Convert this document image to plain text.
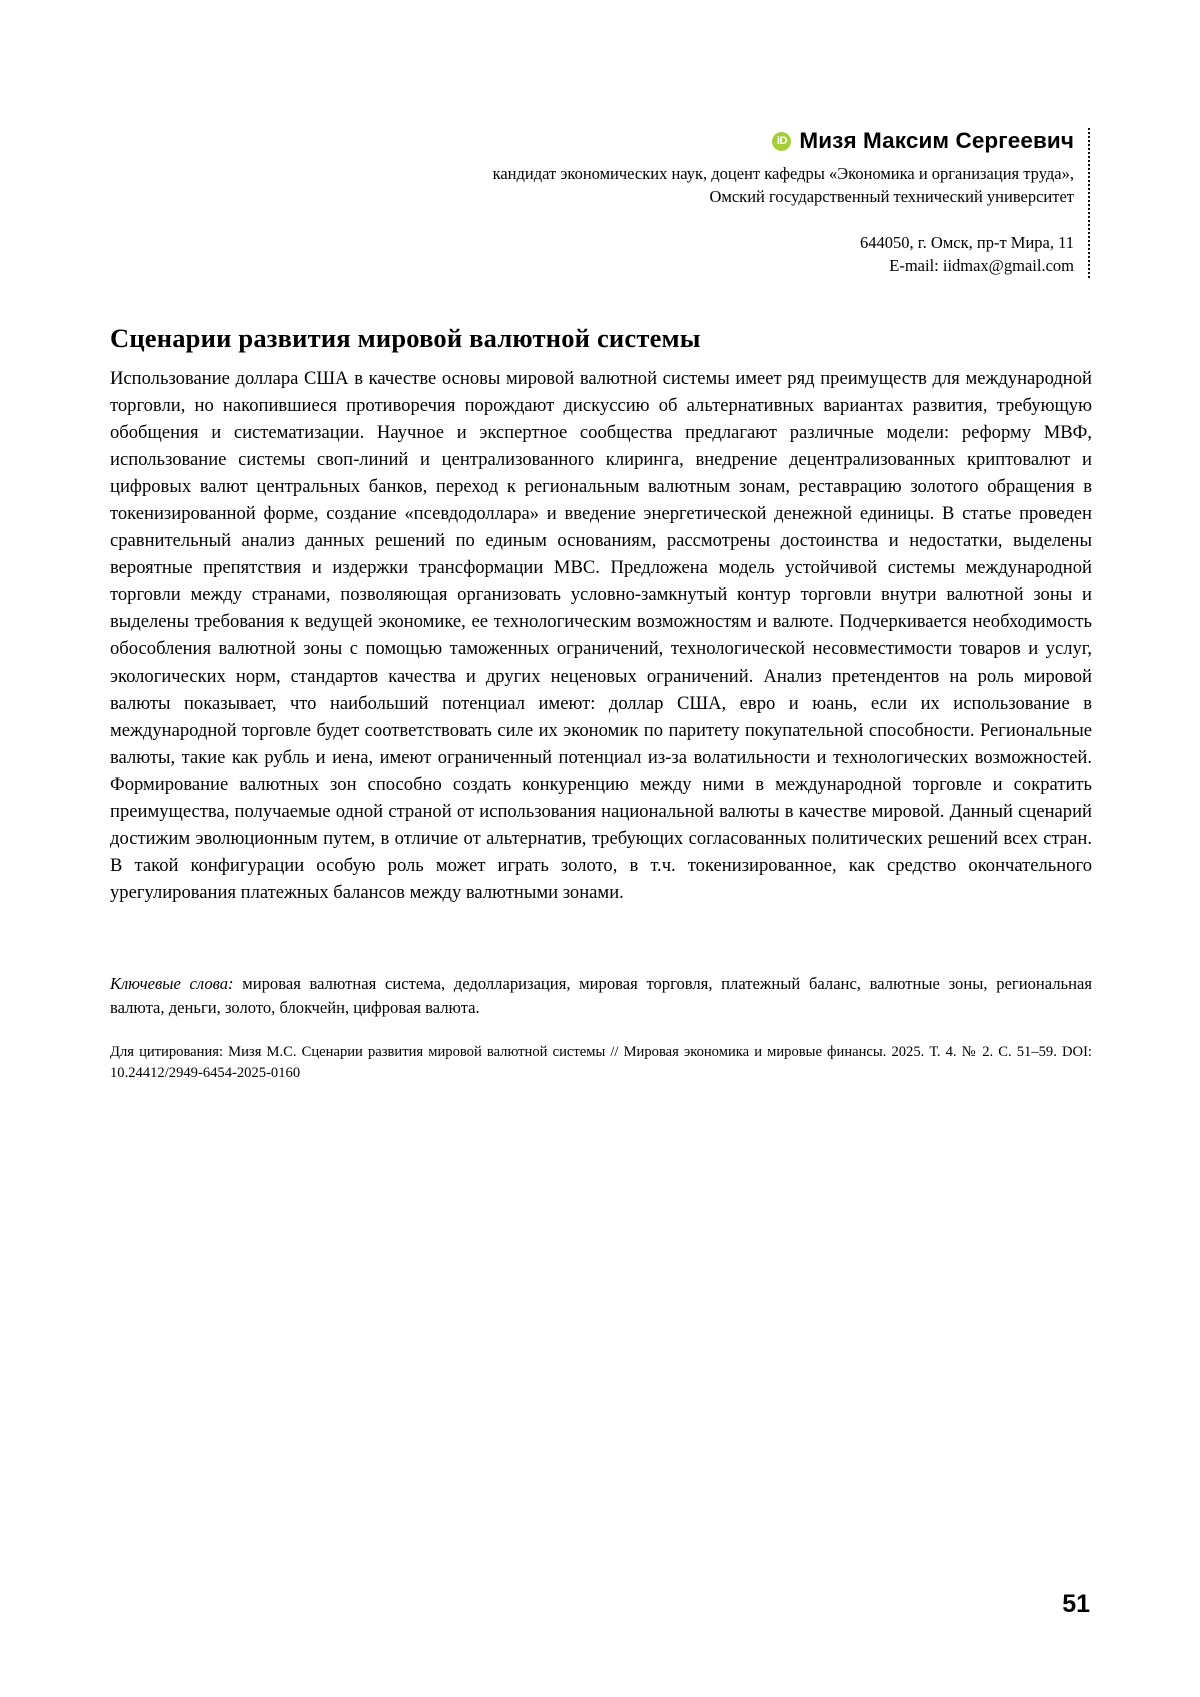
iD Мизя Максим Сергеевич
кандидат экономических наук, доцент кафедры «Экономика и организация труда»,
Омский государственный технический университет
644050, г. Омск, пр-т Мира, 11
E-mail: iidmax@gmail.com
Сценарии развития мировой валютной системы
Использование доллара США в качестве основы мировой валютной системы имеет ряд преимуществ для международной торговли, но накопившиеся противоречия порождают дискуссию об альтернативных вариантах развития, требующую обобщения и систематизации. Научное и экспертное сообщества предлагают различные модели: реформу МВФ, использование системы своп-линий и централизованного клиринга, внедрение децентрализованных криптовалют и цифровых валют центральных банков, переход к региональным валютным зонам, реставрацию золотого обращения в токенизированной форме, создание «псевдодоллара» и введение энергетической денежной единицы. В статье проведен сравнительный анализ данных решений по единым основаниям, рассмотрены достоинства и недостатки, выделены вероятные препятствия и издержки трансформации МВС. Предложена модель устойчивой системы международной торговли между странами, позволяющая организовать условно-замкнутый контур торговли внутри валютной зоны и выделены требования к ведущей экономике, ее технологическим возможностям и валюте. Подчеркивается необходимость обособления валютной зоны с помощью таможенных ограничений, технологической несовместимости товаров и услуг, экологических норм, стандартов качества и других неценовых ограничений. Анализ претендентов на роль мировой валюты показывает, что наибольший потенциал имеют: доллар США, евро и юань, если их использование в международной торговле будет соответствовать силе их экономик по паритету покупательной способности. Региональные валюты, такие как рубль и иена, имеют ограниченный потенциал из-за волатильности и технологических возможностей. Формирование валютных зон способно создать конкуренцию между ними в международной торговле и сократить преимущества, получаемые одной страной от использования национальной валюты в качестве мировой. Данный сценарий достижим эволюционным путем, в отличие от альтернатив, требующих согласованных политических решений всех стран. В такой конфигурации особую роль может играть золото, в т.ч. токенизированное, как средство окончательного урегулирования платежных балансов между валютными зонами.
Ключевые слова: мировая валютная система, дедолларизация, мировая торговля, платежный баланс, валютные зоны, региональная валюта, деньги, золото, блокчейн, цифровая валюта.
Для цитирования: Мизя М.С. Сценарии развития мировой валютной системы // Мировая экономика и мировые финансы. 2025. Т. 4. № 2. С. 51–59. DOI: 10.24412/2949-6454-2025-0160
51
